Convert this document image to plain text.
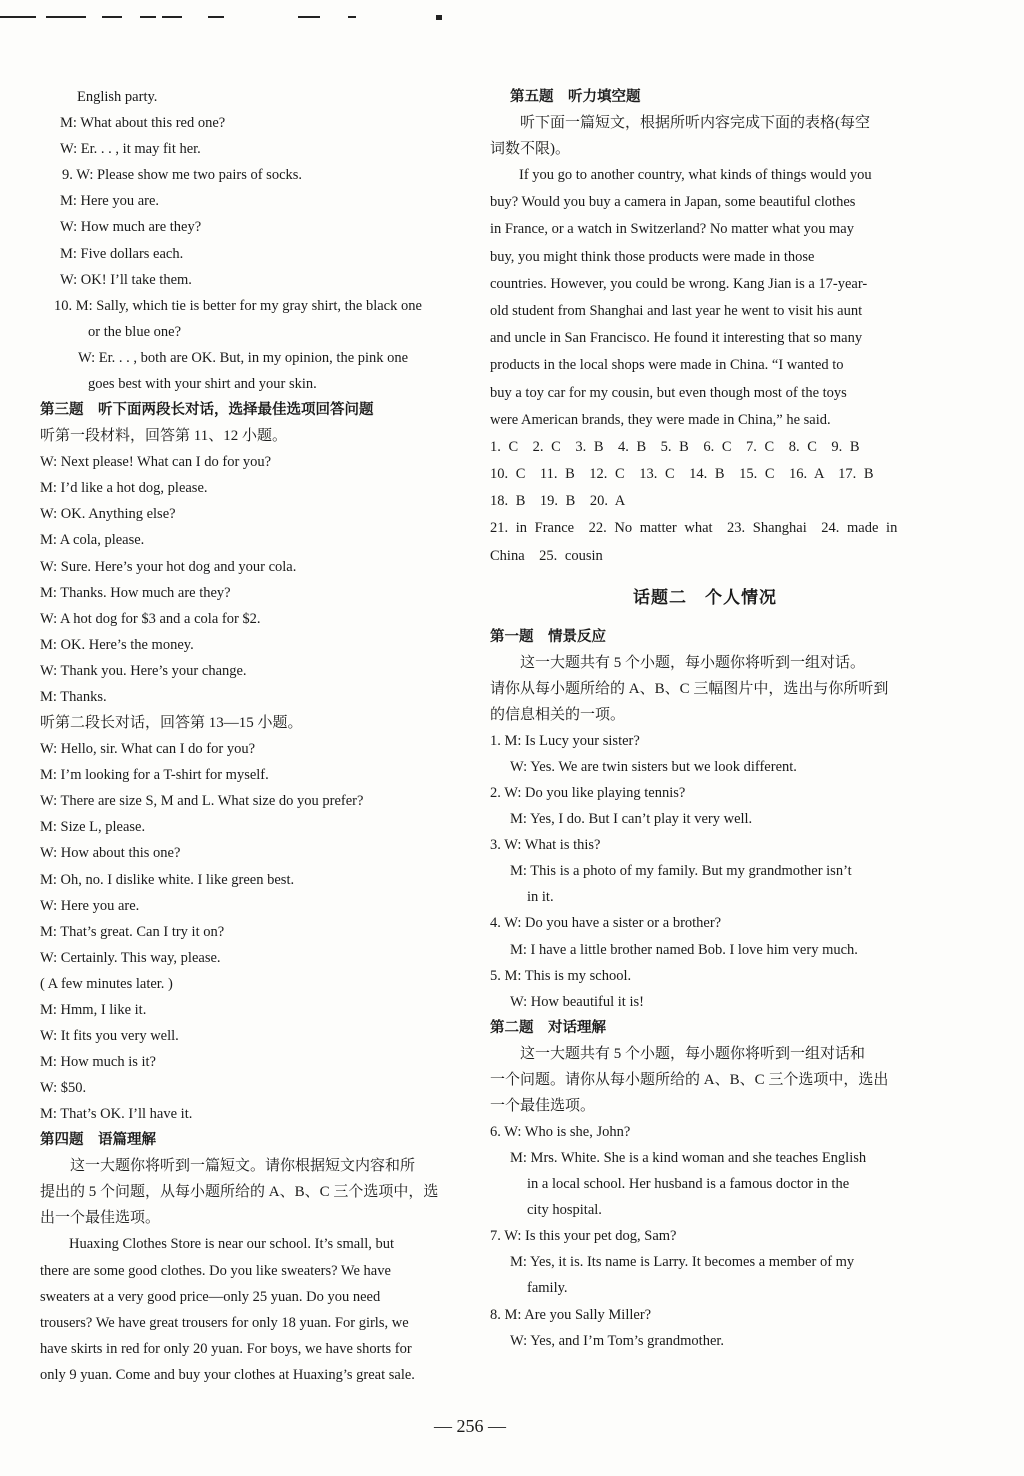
English party.
M: What about this red one?
W: Er. . . , it may fit her.
9. W: Please show me two pairs of socks.
M: Here you are.
W: How much are they?
M: Five dollars each.
W: OK! I’ll take them.
10. M: Sally, which tie is better for my gray shirt, the black one
or the blue one?
W: Er. . . , both are OK. But, in my opinion, the pink one
goes best with your shirt and your skin.
第三题　听下面两段长对话，选择最佳选项回答问题
听第一段材料，回答第 11、12 小题。
W: Next please! What can I do for you?
M: I’d like a hot dog, please.
W: OK. Anything else?
M: A cola, please.
W: Sure. Here’s your hot dog and your cola.
M: Thanks. How much are they?
W: A hot dog for $3 and a cola for $2.
M: OK. Here’s the money.
W: Thank you. Here’s your change.
M: Thanks.
听第二段长对话，回答第 13—15 小题。
W: Hello, sir. What can I do for you?
M: I’m looking for a T-shirt for myself.
W: There are size S, M and L. What size do you prefer?
M: Size L, please.
W: How about this one?
M: Oh, no. I dislike white. I like green best.
W: Here you are.
M: That’s great. Can I try it on?
W: Certainly. This way, please.
( A few minutes later. )
M: Hmm, I like it.
W: It fits you very well.
M: How much is it?
W: $50.
M: That’s OK. I’ll have it.
第四题　语篇理解
　　这一大题你将听到一篇短文。请你根据短文内容和所
提出的 5 个问题，从每小题所给的 A、B、C 三个选项中，选
出一个最佳选项。
　　Huaxing Clothes Store is near our school. It’s small, but
there are some good clothes. Do you like sweaters? We have
sweaters at a very good price—only 25 yuan. Do you need
trousers? We have great trousers for only 18 yuan. For girls, we
have skirts in red for only 20 yuan. For boys, we have shorts for
only 9 yuan. Come and buy your clothes at Huaxing’s great sale.
第五题　听力填空题
　　听下面一篇短文，根据所听内容完成下面的表格(每空
词数不限)。
　　If you go to another country, what kinds of things would you
buy? Would you buy a camera in Japan, some beautiful clothes
in France, or a watch in Switzerland? No matter what you may
buy, you might think those products were made in those
countries. However, you could be wrong. Kang Jian is a 17-year-
old student from Shanghai and last year he went to visit his aunt
and uncle in San Francisco. He found it interesting that so many
products in the local shops were made in China. “I wanted to
buy a toy car for my cousin, but even though most of the toys
were American brands, they were made in China,” he said.
1. C　2. C　3. B　4. B　5. B　6. C　7. C　8. C　9. B
10. C　11. B　12. C　13. C　14. B　15. C　16. A　17. B
18. B　19. B　20. A
21. in France　22. No matter what　23. Shanghai　24. made in
China　25. cousin
话题二　个人情况
第一题　情景反应
　　这一大题共有 5 个小题，每小题你将听到一组对话。
请你从每小题所给的 A、B、C 三幅图片中，选出与你所听到
的信息相关的一项。
1. M: Is Lucy your sister?
W: Yes. We are twin sisters but we look different.
2. W: Do you like playing tennis?
M: Yes, I do. But I can’t play it very well.
3. W: What is this?
M: This is a photo of my family. But my grandmother isn’t
in it.
4. W: Do you have a sister or a brother?
M: I have a little brother named Bob. I love him very much.
5. M: This is my school.
W: How beautiful it is!
第二题　对话理解
　　这一大题共有 5 个小题，每小题你将听到一组对话和
一个问题。请你从每小题所给的 A、B、C 三个选项中，选出
一个最佳选项。
6. W: Who is she, John?
M: Mrs. White. She is a kind woman and she teaches English
in a local school. Her husband is a famous doctor in the
city hospital.
7. W: Is this your pet dog, Sam?
M: Yes, it is. Its name is Larry. It becomes a member of my
family.
8. M: Are you Sally Miller?
W: Yes, and I’m Tom’s grandmother.
— 256 —
